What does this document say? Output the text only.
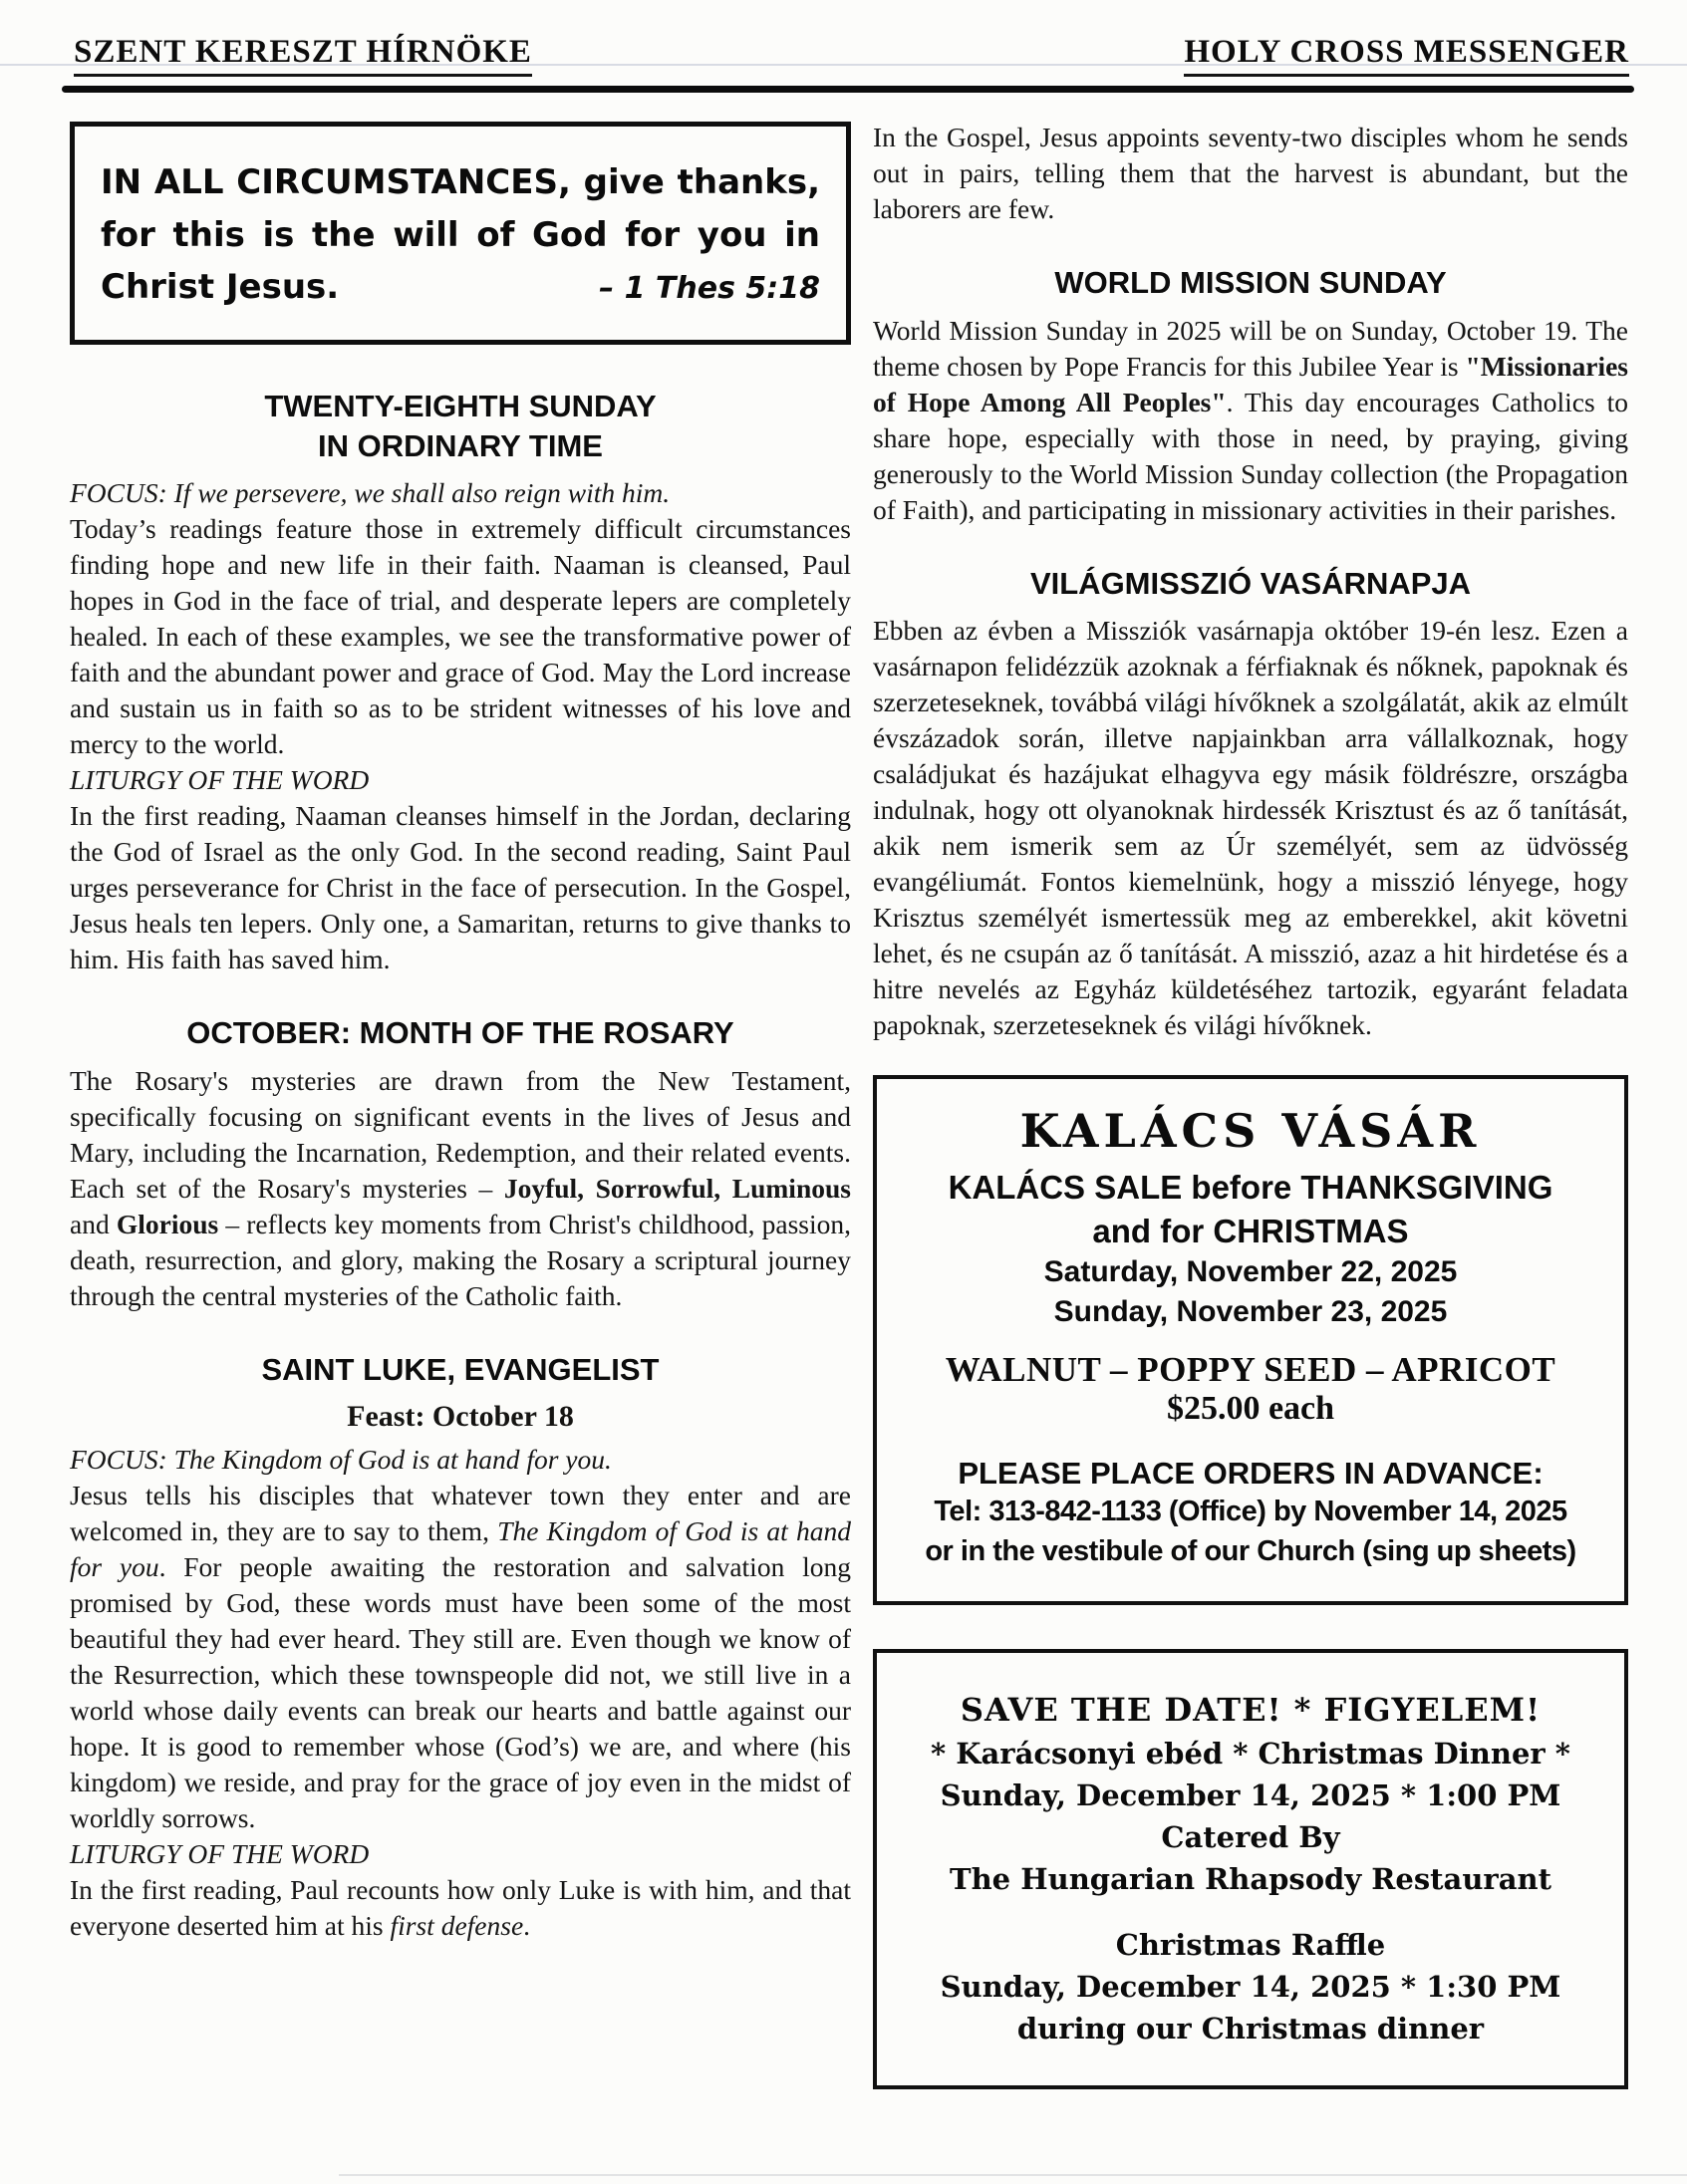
SZENT KERESZT HÍRNÖKE	HOLY CROSS MESSENGER
IN ALL CIRCUMSTANCES, give thanks,
for this is the will of God for you in
Christ Jesus.	– 1 Thes 5:18
TWENTY-EIGHTH SUNDAY
IN ORDINARY TIME

FOCUS: If we persevere, we shall also reign with him.

Today’s readings feature those in extremely difficult circumstances finding hope and new life in their faith. Naaman is cleansed, Paul hopes in God in the face of trial, and desperate lepers are completely healed. In each of these examples, we see the transformative power of faith and the abundant power and grace of God. May the Lord increase and sustain us in faith so as to be strident witnesses of his love and mercy to the world.

LITURGY OF THE WORD

In the first reading, Naaman cleanses himself in the Jordan, declaring the God of Israel as the only God. In the second reading, Saint Paul urges perseverance for Christ in the face of persecution. In the Gospel, Jesus heals ten lepers. Only one, a Samaritan, returns to give thanks to him. His faith has saved him.

OCTOBER: MONTH OF THE ROSARY

The Rosary's mysteries are drawn from the New Testament, specifically focusing on significant events in the lives of Jesus and Mary, including the Incarnation, Redemption, and their related events. Each set of the Rosary's mysteries – Joyful, Sorrowful, Luminous and Glorious – reflects key moments from Christ's childhood, passion, death, resurrection, and glory, making the Rosary a scriptural journey through the central mysteries of the Catholic faith.

SAINT LUKE, EVANGELIST

Feast: October 18

FOCUS: The Kingdom of God is at hand for you.

Jesus tells his disciples that whatever town they enter and are welcomed in, they are to say to them, The Kingdom of God is at hand for you. For people awaiting the restoration and salvation long promised by God, these words must have been some of the most beautiful they had ever heard. They still are. Even though we know of the Resurrection, which these townspeople did not, we still live in a world whose daily events can break our hearts and battle against our hope. It is good to remember whose (God’s) we are, and where (his kingdom) we reside, and pray for the grace of joy even in the midst of worldly sorrows.

LITURGY OF THE WORD

In the first reading, Paul recounts how only Luke is with him, and that everyone deserted him at his first defense.

In the Gospel, Jesus appoints seventy-two disciples whom he sends out in pairs, telling them that the harvest is abundant, but the laborers are few.

WORLD MISSION SUNDAY

World Mission Sunday in 2025 will be on Sunday, October 19. The theme chosen by Pope Francis for this Jubilee Year is "Missionaries of Hope Among All Peoples". This day encourages Catholics to share hope, especially with those in need, by praying, giving generously to the World Mission Sunday collection (the Propagation of Faith), and participating in missionary activities in their parishes.

VILÁGMISSZIÓ VASÁRNAPJA

Ebben az évben a Missziók vasárnapja október 19-én lesz. Ezen a vasárnapon felidézzük azoknak a férfiaknak és nőknek, papoknak és szerzeteseknek, továbbá világi hívőknek a szolgálatát, akik az elmúlt évszázadok során, illetve napjainkban arra vállalkoznak, hogy családjukat és hazájukat elhagyva egy másik földrészre, országba indulnak, hogy ott olyanoknak hirdessék Krisztust és az ő tanítását, akik nem ismerik sem az Úr személyét, sem az üdvösség evangéliumát. Fontos kiemelnünk, hogy a misszió lényege, hogy Krisztus személyét ismertessük meg az emberekkel, akit követni lehet, és ne csupán az ő tanítását. A misszió, azaz a hit hirdetése és a hitre nevelés az Egyház küldetéséhez tartozik, egyaránt feladata papoknak, szerzeteseknek és világi hívőknek.

KALÁCS VÁSÁR
KALÁCS SALE before THANKSGIVING
and for CHRISTMAS
Saturday, November 22, 2025
Sunday, November 23, 2025
WALNUT – POPPY SEED – APRICOT
$25.00 each
PLEASE PLACE ORDERS IN ADVANCE:
Tel: 313-842-1133 (Office) by November 14, 2025
or in the vestibule of our Church (sing up sheets)
SAVE THE DATE! * FIGYELEM!
* Karácsonyi ebéd * Christmas Dinner *
Sunday, December 14, 2025 * 1:00 PM
Catered By
The Hungarian Rhapsody Restaurant
Christmas Raffle
Sunday, December 14, 2025 * 1:30 PM
during our Christmas dinner
